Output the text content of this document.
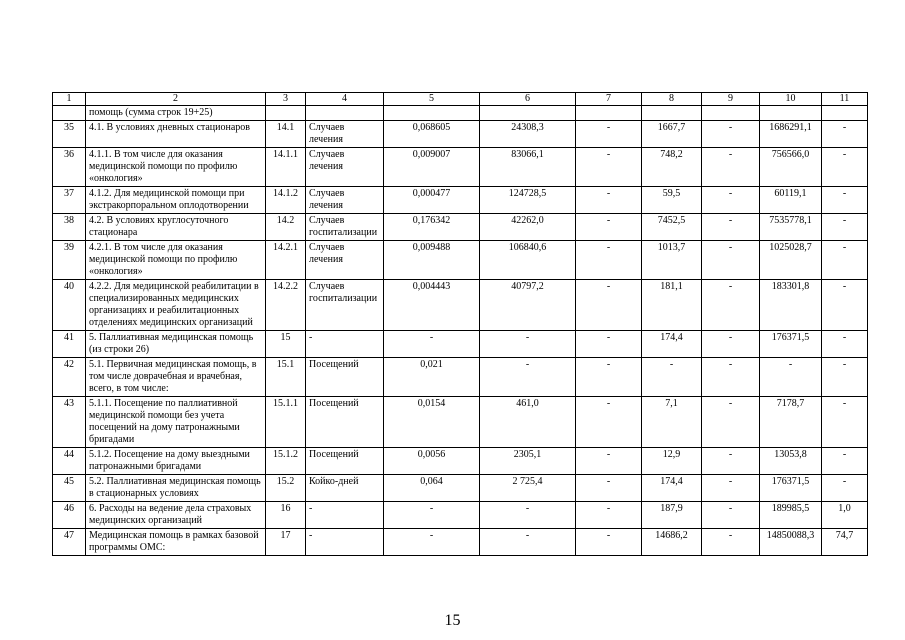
1	2	3	4	5	6	7	8	9	10	11
	помощь (сумма строк 19+25)									
35	4.1. В условиях дневных стационаров	14.1	Случаев лечения	0,068605	24308,3	-	1667,7	-	1686291,1	-
36	4.1.1. В том числе для оказания медицинской помощи по профилю «онкология»	14.1.1	Случаев лечения	0,009007	83066,1	-	748,2	-	756566,0	-
37	4.1.2. Для медицинской помощи при экстракорпоральном оплодотворении	14.1.2	Случаев лечения	0,000477	124728,5	-	59,5	-	60119,1	-
38	4.2. В условиях круглосуточного стационара	14.2	Случаев госпитализации	0,176342	42262,0	-	7452,5	-	7535778,1	-
39	4.2.1. В том числе для оказания медицинской помощи по профилю «онкология»	14.2.1	Случаев лечения	0,009488	106840,6	-	1013,7	-	1025028,7	-
40	4.2.2. Для медицинской реабилитации в специализированных медицинских организациях и реабилитационных отделениях медицинских организаций	14.2.2	Случаев госпитализации	0,004443	40797,2	-	181,1	-	183301,8	-
41	5. Паллиативная медицинская помощь (из строки 26)	15	-	-	-	-	174,4	-	176371,5	-
42	5.1. Первичная медицинская помощь, в том числе доврачебная и врачебная, всего, в том числе:	15.1	Посещений	0,021	-	-	-	-	-	-
43	5.1.1. Посещение по паллиативной медицинской помощи без учета посещений на дому патронажными бригадами	15.1.1	Посещений	0,0154	461,0	-	7,1	-	7178,7	-
44	5.1.2. Посещение на дому выездными патронажными бригадами	15.1.2	Посещений	0,0056	2305,1	-	12,9	-	13053,8	-
45	5.2. Паллиативная медицинская помощь в стационарных условиях	15.2	Койко-дней	0,064	2 725,4	-	174,4	-	176371,5	-
46	6. Расходы на ведение дела страховых медицинских организаций	16	-	-	-	-	187,9	-	189985,5	1,0
47	Медицинская помощь в рамках базовой программы ОМС:	17	-	-	-	-	14686,2	-	14850088,3	74,7
15
